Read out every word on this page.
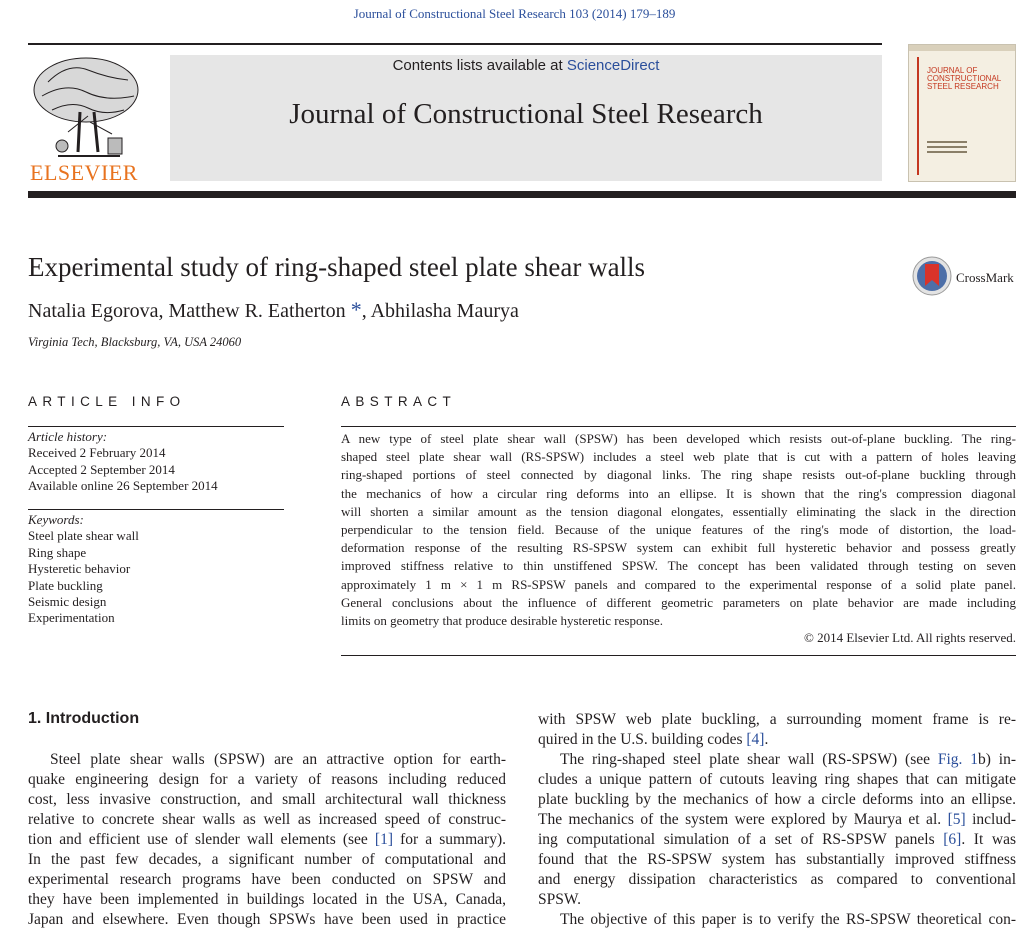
Journal of Constructional Steel Research 103 (2014) 179–189
ELSEVIER
Contents lists available at ScienceDirect
Journal of Constructional Steel Research
JOURNAL OF CONSTRUCTIONAL STEEL RESEARCH
Experimental study of ring-shaped steel plate shear walls
Natalia Egorova, Matthew R. Eatherton *, Abhilasha Maurya
Virginia Tech, Blacksburg, VA, USA 24060
CrossMark
ARTICLE INFO	ABSTRACT
Article history:
Received 2 February 2014
Accepted 2 September 2014
Available online 26 September 2014
Keywords:
Steel plate shear wall
Ring shape
Hysteretic behavior
Plate buckling
Seismic design
Experimentation
A new type of steel plate shear wall (SPSW) has been developed which resists out-of-plane buckling. The ring-
shaped steel plate shear wall (RS-SPSW) includes a steel web plate that is cut with a pattern of holes leaving
ring-shaped portions of steel connected by diagonal links. The ring shape resists out-of-plane buckling through
the mechanics of how a circular ring deforms into an ellipse. It is shown that the ring's compression diagonal
will shorten a similar amount as the tension diagonal elongates, essentially eliminating the slack in the direction
perpendicular to the tension field. Because of the unique features of the ring's mode of distortion, the load-
deformation response of the resulting RS-SPSW system can exhibit full hysteretic behavior and possess greatly
improved stiffness relative to thin unstiffened SPSW. The concept has been validated through testing on seven
approximately 1 m × 1 m RS-SPSW panels and compared to the experimental response of a solid plate panel.
General conclusions about the influence of different geometric parameters on plate behavior are made including
limits on geometry that produce desirable hysteretic response.
© 2014 Elsevier Ltd. All rights reserved.
1. Introduction
Steel plate shear walls (SPSW) are an attractive option for earth-
quake engineering design for a variety of reasons including reduced
cost, less invasive construction, and small architectural wall thickness
relative to concrete shear walls as well as increased speed of construc-
tion and efficient use of slender wall elements (see [1] for a summary).
In the past few decades, a significant number of computational and
experimental research programs have been conducted on SPSW and
they have been implemented in buildings located in the USA, Canada,
Japan and elsewhere. Even though SPSWs have been used in practice
with SPSW web plate buckling, a surrounding moment frame is re-
quired in the U.S. building codes [4].
The ring-shaped steel plate shear wall (RS-SPSW) (see Fig. 1b) in-
cludes a unique pattern of cutouts leaving ring shapes that can mitigate
plate buckling by the mechanics of how a circle deforms into an ellipse.
The mechanics of the system were explored by Maurya et al. [5] includ-
ing computational simulation of a set of RS-SPSW panels [6]. It was
found that the RS-SPSW system has substantially improved stiffness
and energy dissipation characteristics as compared to conventional
SPSW.
The objective of this paper is to verify the RS-SPSW theoretical con-
